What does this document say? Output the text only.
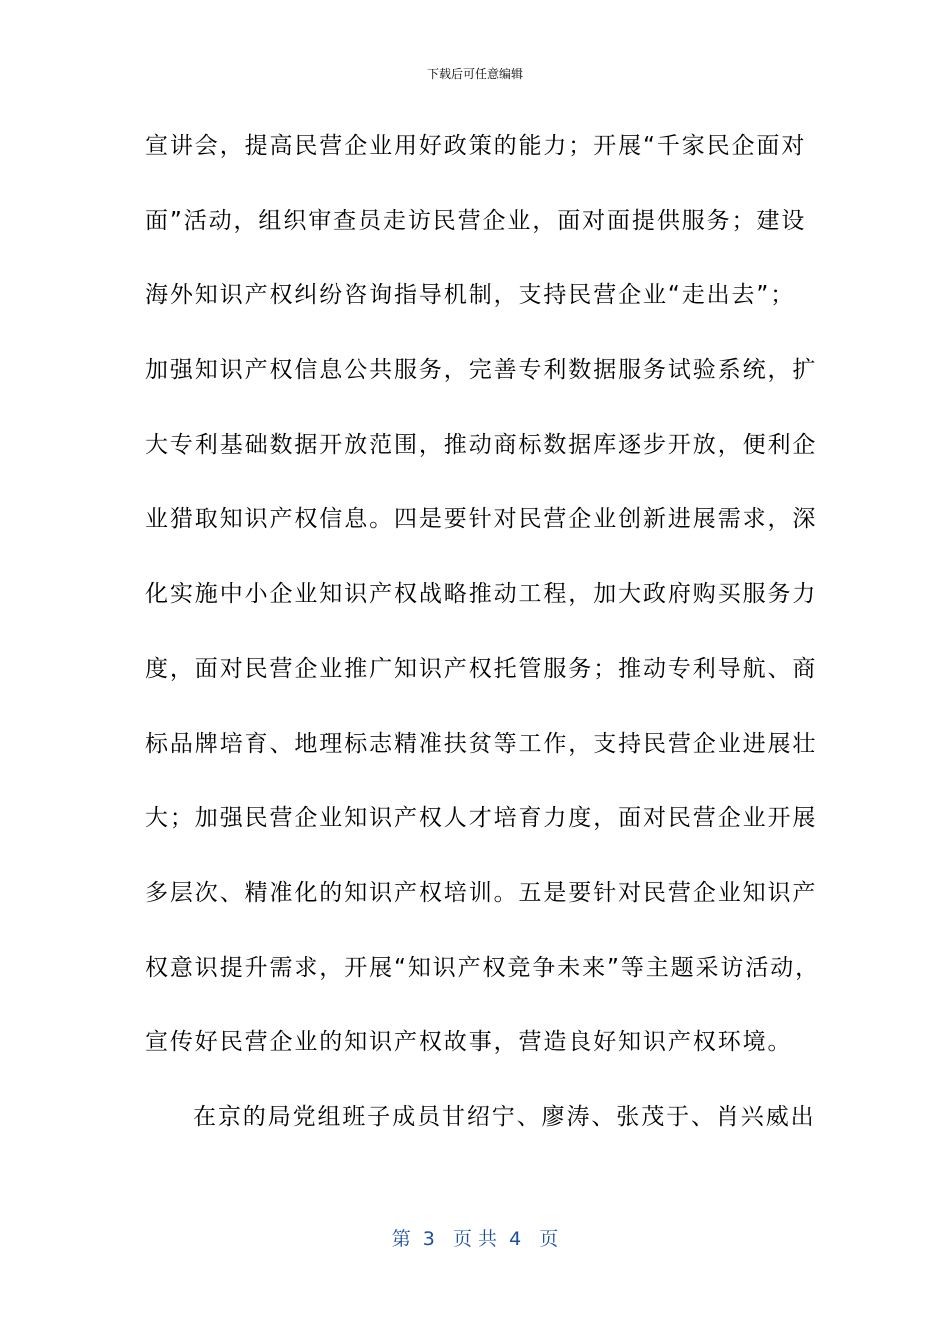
下载后可任意编辑
宣讲会，提高民营企业用好政策的能力；开展“千家民企面对
面”活动，组织审查员走访民营企业，面对面提供服务；建设
海外知识产权纠纷咨询指导机制，支持民营企业“走出去”；
加强知识产权信息公共服务，完善专利数据服务试验系统，扩
大专利基础数据开放范围，推动商标数据库逐步开放，便利企
业猎取知识产权信息。四是要针对民营企业创新进展需求，深
化实施中小企业知识产权战略推动工程，加大政府购买服务力
度，面对民营企业推广知识产权托管服务；推动专利导航、商
标品牌培育、地理标志精准扶贫等工作，支持民营企业进展壮
大；加强民营企业知识产权人才培育力度，面对民营企业开展
多层次、精准化的知识产权培训。五是要针对民营企业知识产
权意识提升需求，开展“知识产权竞争未来”等主题采访活动，
宣传好民营企业的知识产权故事，营造良好知识产权环境。
在京的局党组班子成员甘绍宁、廖涛、张茂于、肖兴威出
第  3   页 共  4   页
